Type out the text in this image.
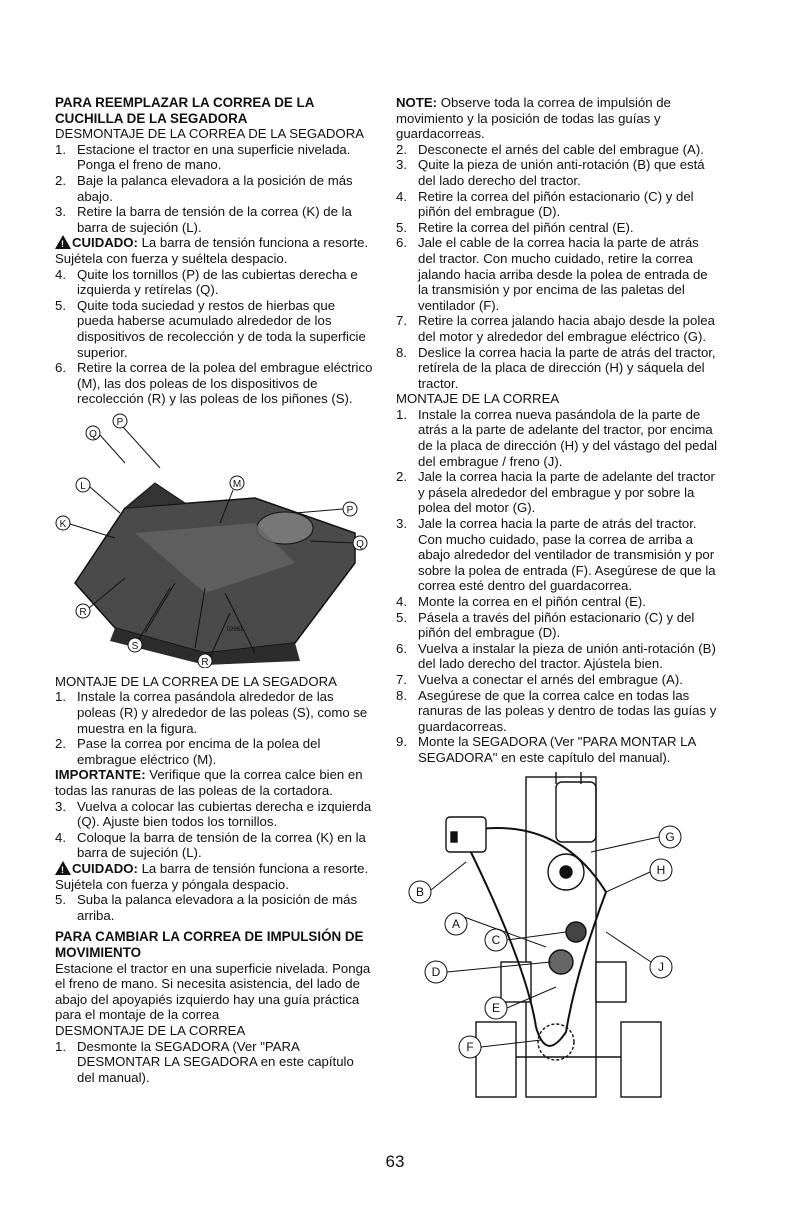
PARA REEMPLAZAR LA CORREA DE LA CUCHILLA DE LA SEGADORA

DESMONTAJE DE LA CORREA DE LA SEGADORA

1. Estacione el tractor en una superficie nivelada. Ponga el freno de mano.
2. Baje la palanca elevadora a la posición de más abajo.
3. Retire la barra de tensión de la correa (K) de la barra de sujeción (L).

!CUIDADO: La barra de tensión funciona a resorte. Sujétela con fuerza y suéltela despacio.

4. Quite los tornillos (P) de las cubiertas derecha e izquierda y retírelas (Q).
5. Quite toda suciedad y restos de hierbas que pueda haberse acumulado alrededor de los dispositivos de recolección y de toda la superficie superior.
6. Retire la correa de la polea del embrague eléctrico (M), las dos poleas de los dispositivos de recolección (R) y las poleas de los piñones (S).
Q
P
L	M
K
P
Q
R
S
R
02961

MONTAJE DE LA CORREA DE LA SEGADORA

1. Instale la correa pasándola alrededor de las poleas (R) y alrededor de las poleas (S), como se muestra en la figura.
2. Pase la correa por encima de la polea del embrague eléctrico (M).

IMPORTANTE: Verifique que la correa calce bien en todas las ranuras de las poleas de la cortadora.

3. Vuelva a colocar las cubiertas derecha e izquierda (Q). Ajuste bien todos los tornillos.
4. Coloque la barra de tensión de la correa (K) en la barra de sujeción (L).

!CUIDADO: La barra de tensión funciona a resorte. Sujétela con fuerza y póngala despacio.

5. Suba la palanca elevadora a la posición de más arriba.
PARA CAMBIAR LA CORREA DE IMPULSIÓN DE MOVIMIENTO

Estacione el tractor en una superficie nivelada. Ponga el freno de mano. Si necesita asistencia, del lado de abajo del apoyapiés izquierdo hay una guía práctica para el montaje de la correa

DESMONTAJE DE LA CORREA

1. Desmonte la SEGADORA (Ver "PARA DESMONTAR LA SEGADORA en este capítulo del manual).

NOTE: Observe toda la correa de impulsión de movimiento y la posición de todas las guías y guardacorreas.

2. Desconecte el arnés del cable del embrague (A).
3. Quite la pieza de unión anti-rotación (B) que está del lado derecho del tractor.
4. Retire la correa del piñón estacionario (C) y del piñón del embrague (D).
5. Retire la correa del piñón central (E).
6. Jale el cable de la correa hacia la parte de atrás del tractor. Con mucho cuidado, retire la correa jalando hacia arriba desde la polea de entrada de la transmisión y por encima de las paletas del ventilador (F).
7. Retire la correa jalando hacia abajo desde la polea del motor y alrededor del embrague eléctrico (G).
8. Deslice la correa hacia la parte de atrás del tractor, retírela de la placa de dirección (H) y sáquela del tractor.

MONTAJE DE LA CORREA

1. Instale la correa nueva pasándola de la parte de atrás a la parte de adelante del tractor, por encima de la placa de dirección (H) y del vástago del pedal del embrague / freno (J).
2. Jale la correa hacia la parte de adelante del tractor y pásela alrededor del embrague y por sobre la polea del motor (G).
3. Jale la correa hacia la parte de atrás del tractor. Con mucho cuidado, pase la correa de arriba a abajo alrededor del ventilador de transmisión y por sobre la polea de entrada (F). Asegúrese de que la correa esté dentro del guardacorrea.
4. Monte la correa en el piñón central (E).
5. Pásela a través del piñón estacionario (C) y del piñón del embrague (D).
6. Vuelva a instalar la pieza de unión anti-rotación (B) del lado derecho del tractor. Ajústela bien.
7. Vuelva a conectar el arnés del embrague (A).
8. Asegúrese de que la correa calce en todas las ranuras de las poleas y dentro de todas las guías y guardacorreas.
9. Monte la SEGADORA (Ver "PARA MONTAR LA SEGADORA" en este capítulo del manual).
G
H
B
A
C
D	J
E
F
63
